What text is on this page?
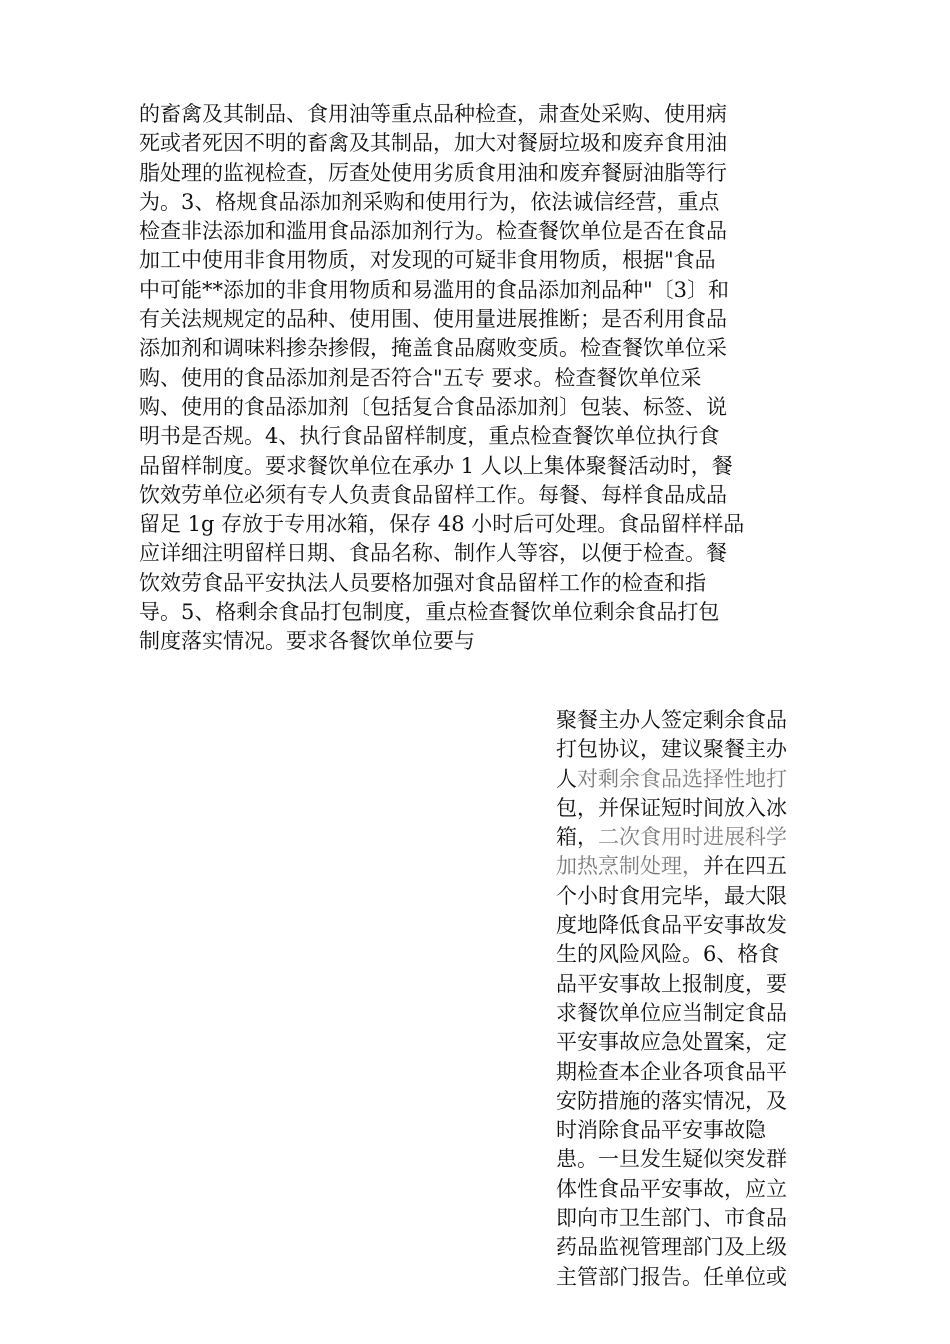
的畜禽及其制品、食用油等重点品种检查，肃查处采购、使用病
死或者死因不明的畜禽及其制品，加大对餐厨垃圾和废弃食用油
脂处理的监视检查，厉查处使用劣质食用油和废弃餐厨油脂等行
为。3、格规食品添加剂采购和使用行为，依法诚信经营，重点
检查非法添加和滥用食品添加剂行为。检查餐饮单位是否在食品
加工中使用非食用物质，对发现的可疑非食用物质，根据"食品
中可能**添加的非食用物质和易滥用的食品添加剂品种"〔3〕和
有关法规规定的品种、使用围、使用量进展推断；是否利用食品
添加剂和调味料掺杂掺假，掩盖食品腐败变质。检查餐饮单位采
购、使用的食品添加剂是否符合"五专 要求。检查餐饮单位采
购、使用的食品添加剂〔包括复合食品添加剂〕包装、标签、说
明书是否规。4、执行食品留样制度，重点检查餐饮单位执行食
品留样制度。要求餐饮单位在承办 1 人以上集体聚餐活动时，餐
饮效劳单位必须有专人负责食品留样工作。每餐、每样食品成品
留足 1g 存放于专用冰箱，保存 48 小时后可处理。食品留样样品
应详细注明留样日期、食品名称、制作人等容，以便于检查。餐
饮效劳食品平安执法人员要格加强对食品留样工作的检查和指
导。5、格剩余食品打包制度，重点检查餐饮单位剩余食品打包
制度落实情况。要求各餐饮单位要与
聚餐主办人签定剩余食品
打包协议，建议聚餐主办
人对剩余食品选择性地打
包，并保证短时间放入冰
箱，二次食用时进展科学
加热烹制处理，并在四五
个小时食用完毕，最大限
度地降低食品平安事故发
生的风险风险。6、格食
品平安事故上报制度，要
求餐饮单位应当制定食品
平安事故应急处置案，定
期检查本企业各项食品平
安防措施的落实情况，及
时消除食品平安事故隐
患。一旦发生疑似突发群
体性食品平安事故，应立
即向市卫生部门、市食品
药品监视管理部门及上级
主管部门报告。任单位或
